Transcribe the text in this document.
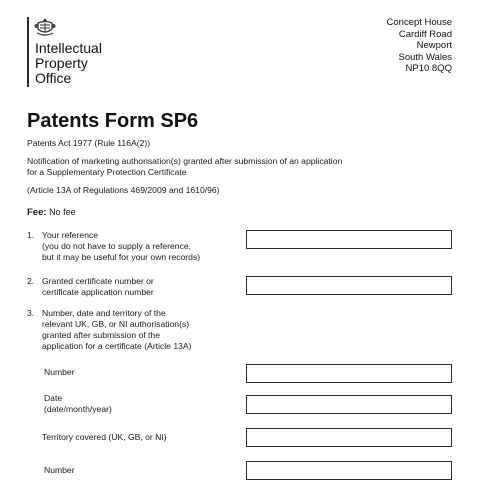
Intellectual
Property
Office
Concept House
Cardiff Road
Newport
South Wales
NP10 8QQ
Patents Form SP6
Patents Act 1977 (Rule 116A(2))
Notification of marketing authorisation(s) granted after submission of an application
for a Supplementary Protection Certificate
(Article 13A of Regulations 469/2009 and 1610/96)
Fee: No fee
1. Your reference
(you do not have to supply a reference,
but it may be useful for your own records)
2. Granted certificate number or
certificate application number
3. Number, date and territory of the
relevant UK, GB, or NI authorisation(s)
granted after submission of the
application for a certificate (Article 13A)
Number
Date
(date/month/year)
Territory covered (UK, GB, or NI)
Number
